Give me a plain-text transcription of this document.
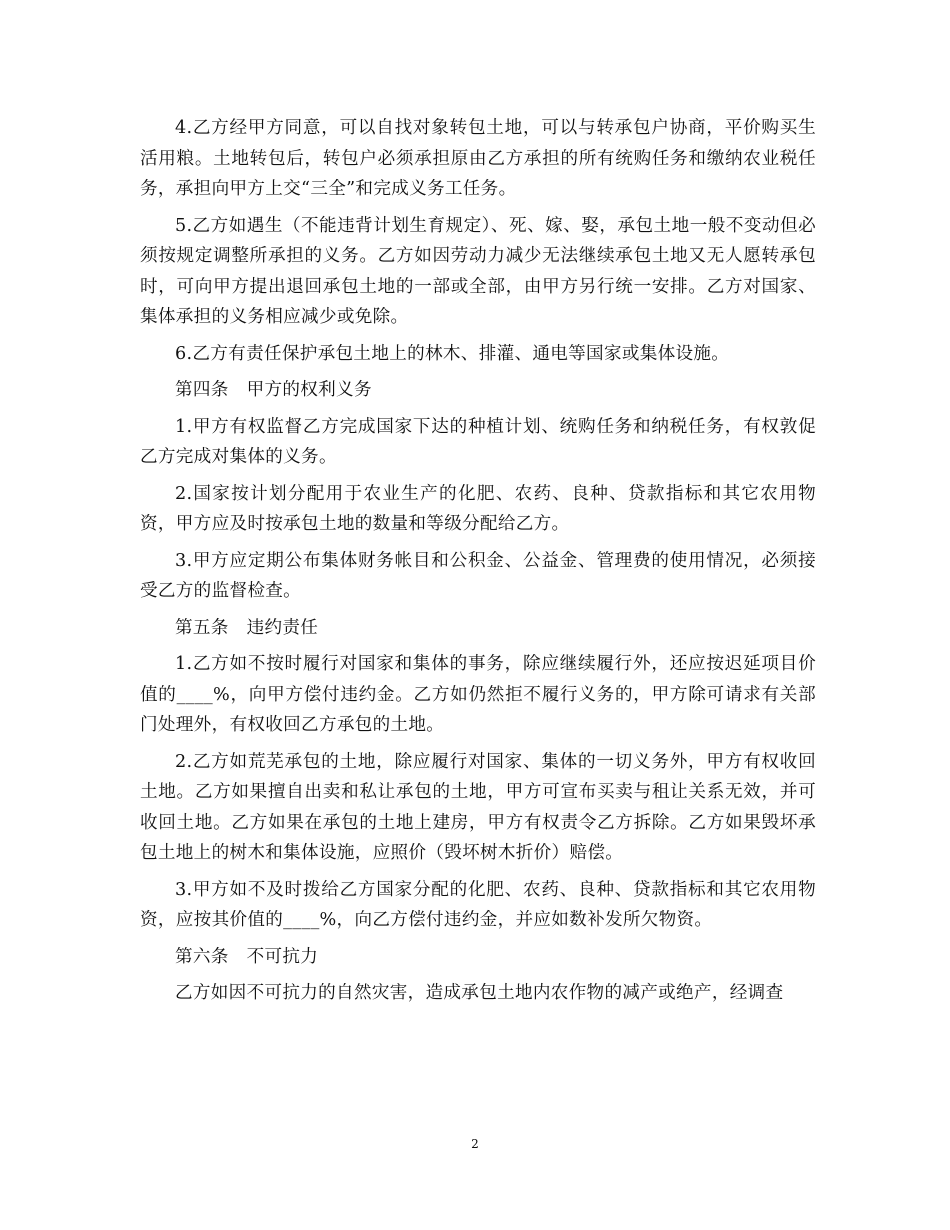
4.乙方经甲方同意，可以自找对象转包土地，可以与转承包户协商，平价购买生活用粮。土地转包后，转包户必须承担原由乙方承担的所有统购任务和缴纳农业税任务，承担向甲方上交“三全”和完成义务工任务。

5.乙方如遇生（不能违背计划生育规定）、死、嫁、娶，承包土地一般不变动但必须按规定调整所承担的义务。乙方如因劳动力减少无法继续承包土地又无人愿转承包时，可向甲方提出退回承包土地的一部或全部，由甲方另行统一安排。乙方对国家、集体承担的义务相应减少或免除。

6.乙方有责任保护承包土地上的林木、排灌、通电等国家或集体设施。

第四条　甲方的权利义务

1.甲方有权监督乙方完成国家下达的种植计划、统购任务和纳税任务，有权敦促乙方完成对集体的义务。

2.国家按计划分配用于农业生产的化肥、农药、良种、贷款指标和其它农用物资，甲方应及时按承包土地的数量和等级分配给乙方。

3.甲方应定期公布集体财务帐目和公积金、公益金、管理费的使用情况，必须接受乙方的监督检查。

第五条　违约责任

1.乙方如不按时履行对国家和集体的事务，除应继续履行外，还应按迟延项目价值的____%，向甲方偿付违约金。乙方如仍然拒不履行义务的，甲方除可请求有关部门处理外，有权收回乙方承包的土地。

2.乙方如荒芜承包的土地，除应履行对国家、集体的一切义务外，甲方有权收回土地。乙方如果擅自出卖和私让承包的土地，甲方可宣布买卖与租让关系无效，并可收回土地。乙方如果在承包的土地上建房，甲方有权责令乙方拆除。乙方如果毁坏承包土地上的树木和集体设施，应照价（毁坏树木折价）赔偿。

3.甲方如不及时拨给乙方国家分配的化肥、农药、良种、贷款指标和其它农用物资，应按其价值的____%，向乙方偿付违约金，并应如数补发所欠物资。

第六条　不可抗力

乙方如因不可抗力的自然灾害，造成承包土地内农作物的减产或绝产，经调查

2
